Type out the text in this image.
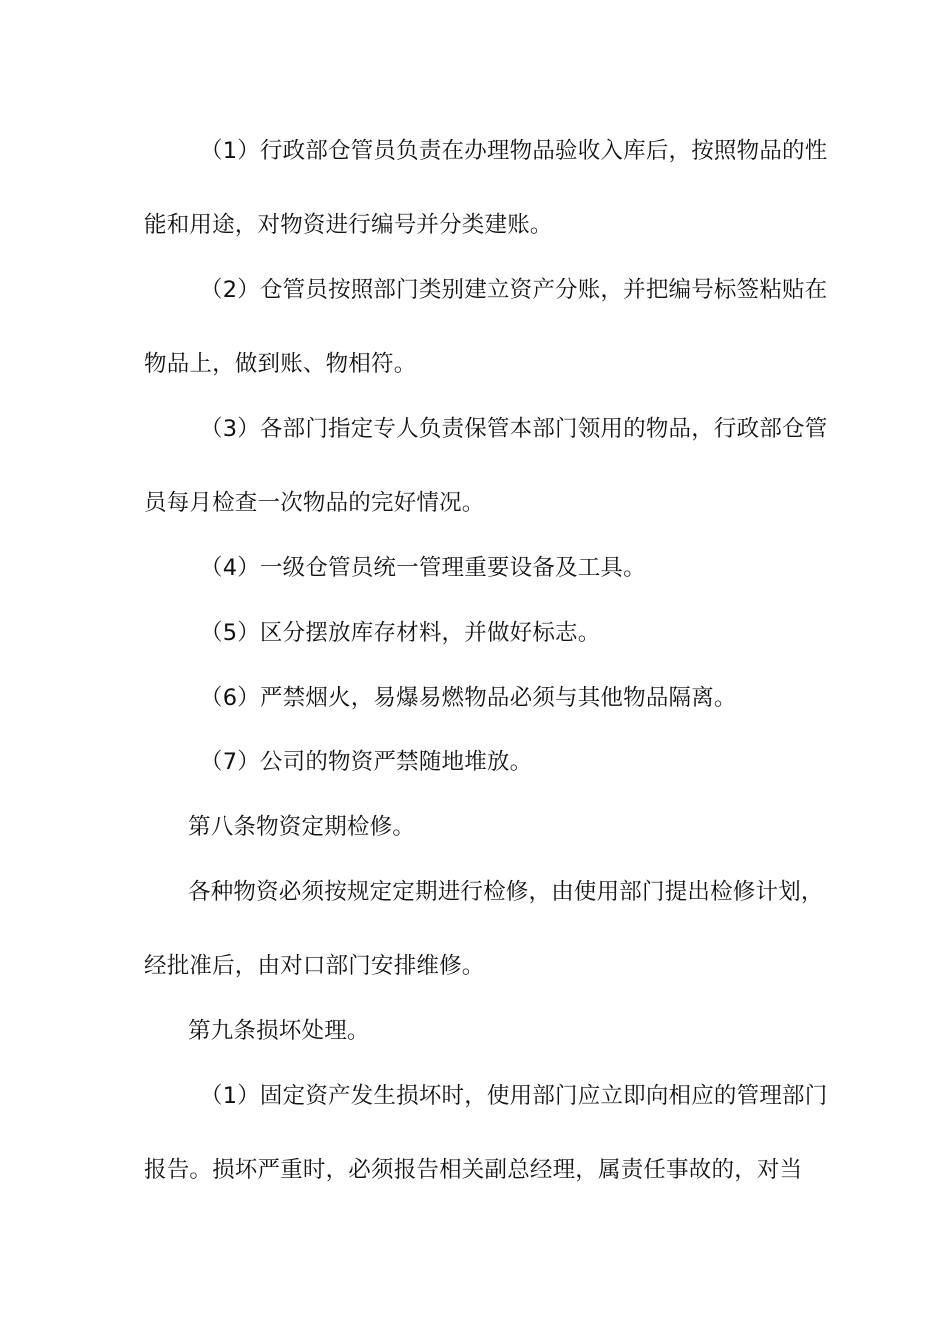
（1）行政部仓管员负责在办理物品验收入库后，按照物品的性
能和用途，对物资进行编号并分类建账。
（2）仓管员按照部门类别建立资产分账，并把编号标签粘贴在
物品上，做到账、物相符。
（3）各部门指定专人负责保管本部门领用的物品，行政部仓管
员每月检查一次物品的完好情况。
（4）一级仓管员统一管理重要设备及工具。
（5）区分摆放库存材料，并做好标志。
（6）严禁烟火，易爆易燃物品必须与其他物品隔离。
（7）公司的物资严禁随地堆放。
第八条物资定期检修。
各种物资必须按规定定期进行检修，由使用部门提出检修计划，
经批准后，由对口部门安排维修。
第九条损坏处理。
（1）固定资产发生损坏时，使用部门应立即向相应的管理部门
报告。损坏严重时，必须报告相关副总经理，属责任事故的，对当
